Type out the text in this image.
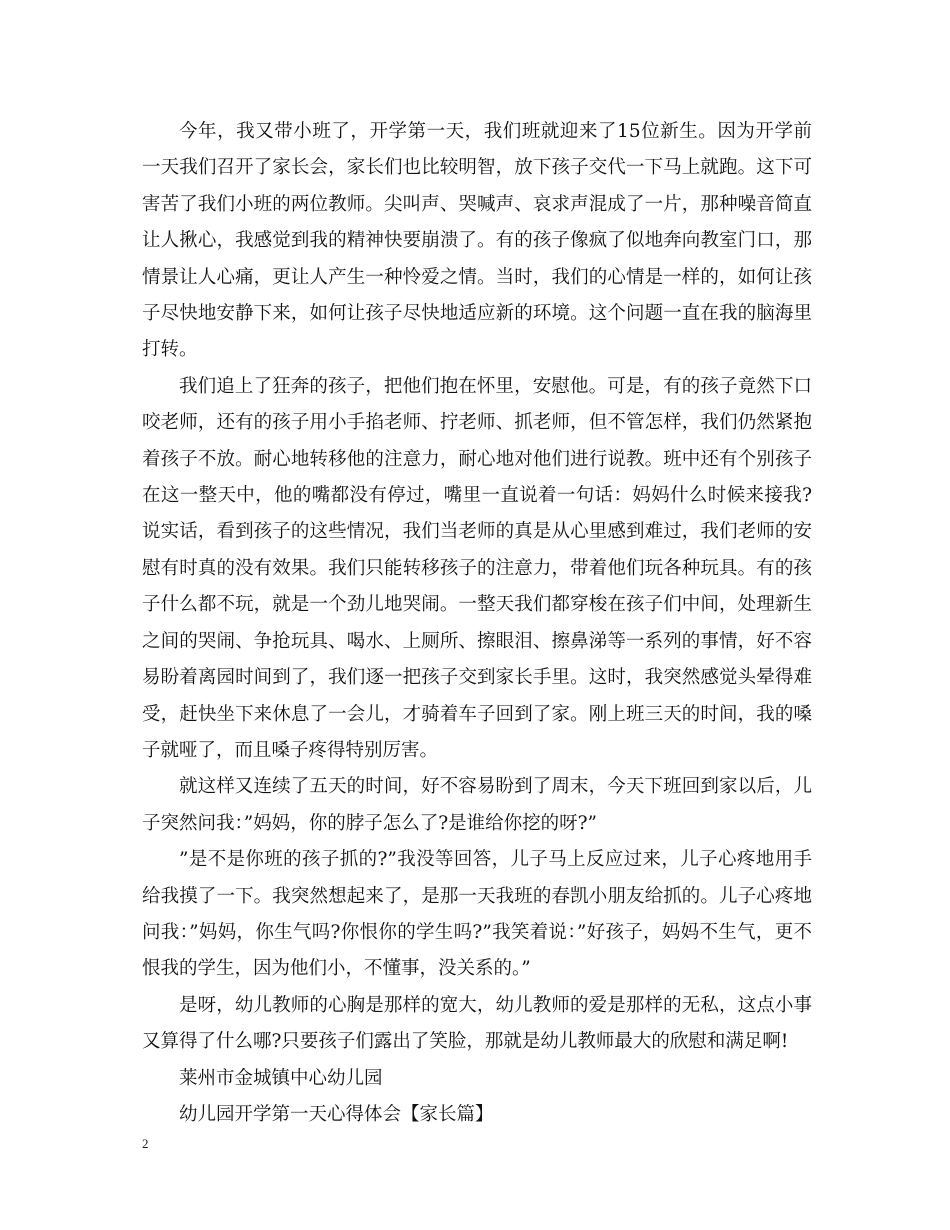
今年，我又带小班了，开学第一天，我们班就迎来了15位新生。因为开学前一天我们召开了家长会，家长们也比较明智，放下孩子交代一下马上就跑。这下可害苦了我们小班的两位教师。尖叫声、哭喊声、哀求声混成了一片，那种噪音简直让人揪心，我感觉到我的精神快要崩溃了。有的孩子像疯了似地奔向教室门口，那情景让人心痛，更让人产生一种怜爱之情。当时，我们的心情是一样的，如何让孩子尽快地安静下来，如何让孩子尽快地适应新的环境。这个问题一直在我的脑海里打转。

我们追上了狂奔的孩子，把他们抱在怀里，安慰他。可是，有的孩子竟然下口咬老师，还有的孩子用小手掐老师、拧老师、抓老师，但不管怎样，我们仍然紧抱着孩子不放。耐心地转移他的注意力，耐心地对他们进行说教。班中还有个别孩子在这一整天中，他的嘴都没有停过，嘴里一直说着一句话：妈妈什么时候来接我?说实话，看到孩子的这些情况，我们当老师的真是从心里感到难过，我们老师的安慰有时真的没有效果。我们只能转移孩子的注意力，带着他们玩各种玩具。有的孩子什么都不玩，就是一个劲儿地哭闹。一整天我们都穿梭在孩子们中间，处理新生之间的哭闹、争抢玩具、喝水、上厕所、擦眼泪、擦鼻涕等一系列的事情，好不容易盼着离园时间到了，我们逐一把孩子交到家长手里。这时，我突然感觉头晕得难受，赶快坐下来休息了一会儿，才骑着车子回到了家。刚上班三天的时间，我的嗓子就哑了，而且嗓子疼得特别厉害。

就这样又连续了五天的时间，好不容易盼到了周末，今天下班回到家以后，儿子突然问我：”妈妈，你的脖子怎么了?是谁给你挖的呀?”

”是不是你班的孩子抓的?”我没等回答，儿子马上反应过来，儿子心疼地用手给我摸了一下。我突然想起来了，是那一天我班的春凯小朋友给抓的。儿子心疼地问我：”妈妈，你生气吗?你恨你的学生吗?”我笑着说：”好孩子，妈妈不生气，更不恨我的学生，因为他们小，不懂事，没关系的。”

是呀，幼儿教师的心胸是那样的宽大，幼儿教师的爱是那样的无私，这点小事又算得了什么哪?只要孩子们露出了笑脸，那就是幼儿教师最大的欣慰和满足啊!

莱州市金城镇中心幼儿园

幼儿园开学第一天心得体会【家长篇】

2
